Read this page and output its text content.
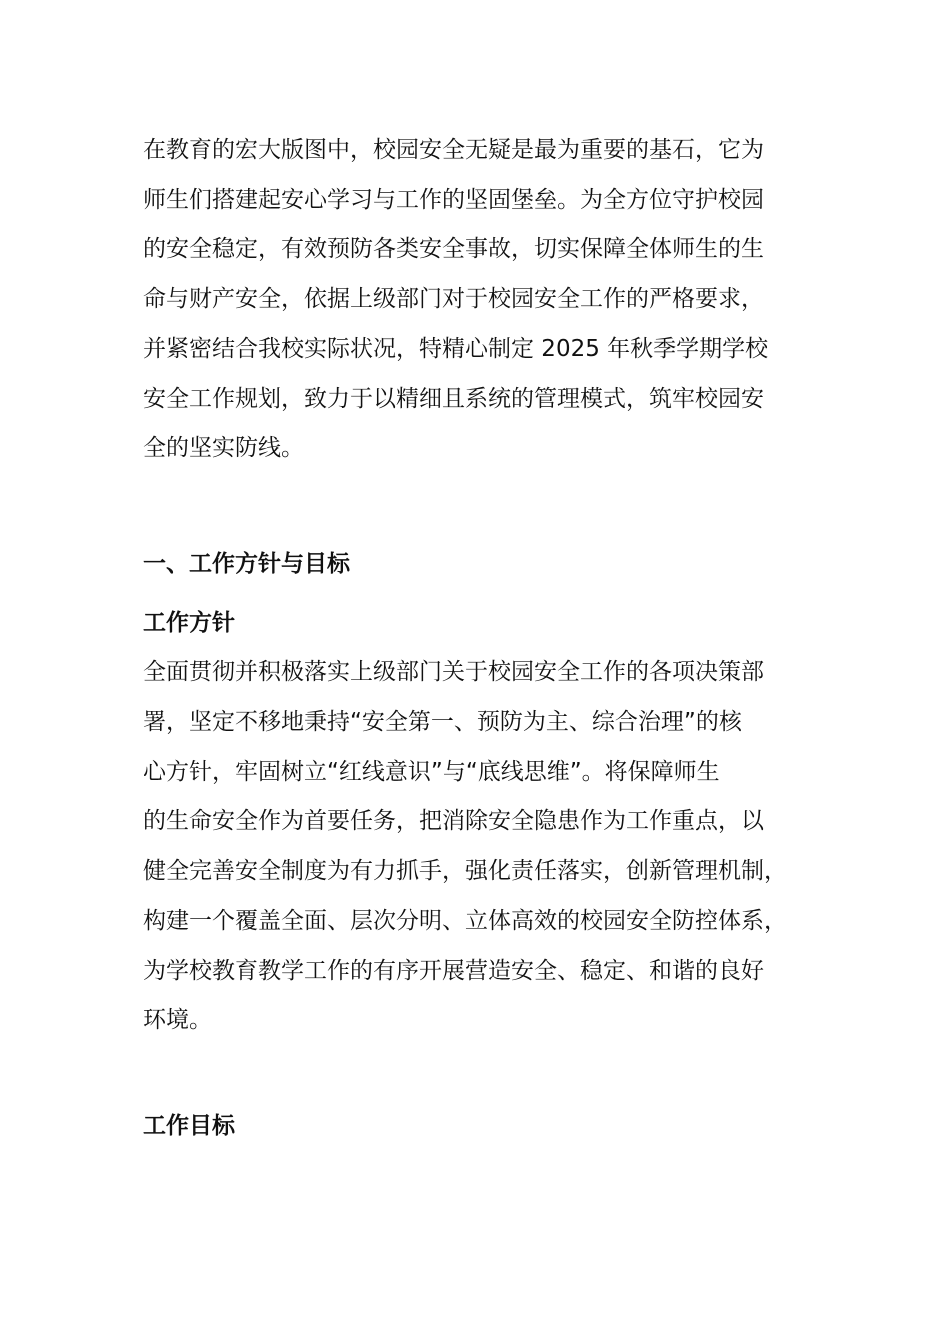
在教育的宏大版图中，校园安全无疑是最为重要的基石，它为
师生们搭建起安心学习与工作的坚固堡垒。为全方位守护校园
的安全稳定，有效预防各类安全事故，切实保障全体师生的生
命与财产安全，依据上级部门对于校园安全工作的严格要求，
并紧密结合我校实际状况，特精心制定 2025 年秋季学期学校
安全工作规划，致力于以精细且系统的管理模式，筑牢校园安
全的坚实防线。
一、工作方针与目标
工作方针
全面贯彻并积极落实上级部门关于校园安全工作的各项决策部
署，坚定不移地秉持“安全第一、预防为主、综合治理”的核
心方针，牢固树立“红线意识”与“底线思维”。将保障师生
的生命安全作为首要任务，把消除安全隐患作为工作重点，以
健全完善安全制度为有力抓手，强化责任落实，创新管理机制，
构建一个覆盖全面、层次分明、立体高效的校园安全防控体系，
为学校教育教学工作的有序开展营造安全、稳定、和谐的良好
环境。
工作目标
